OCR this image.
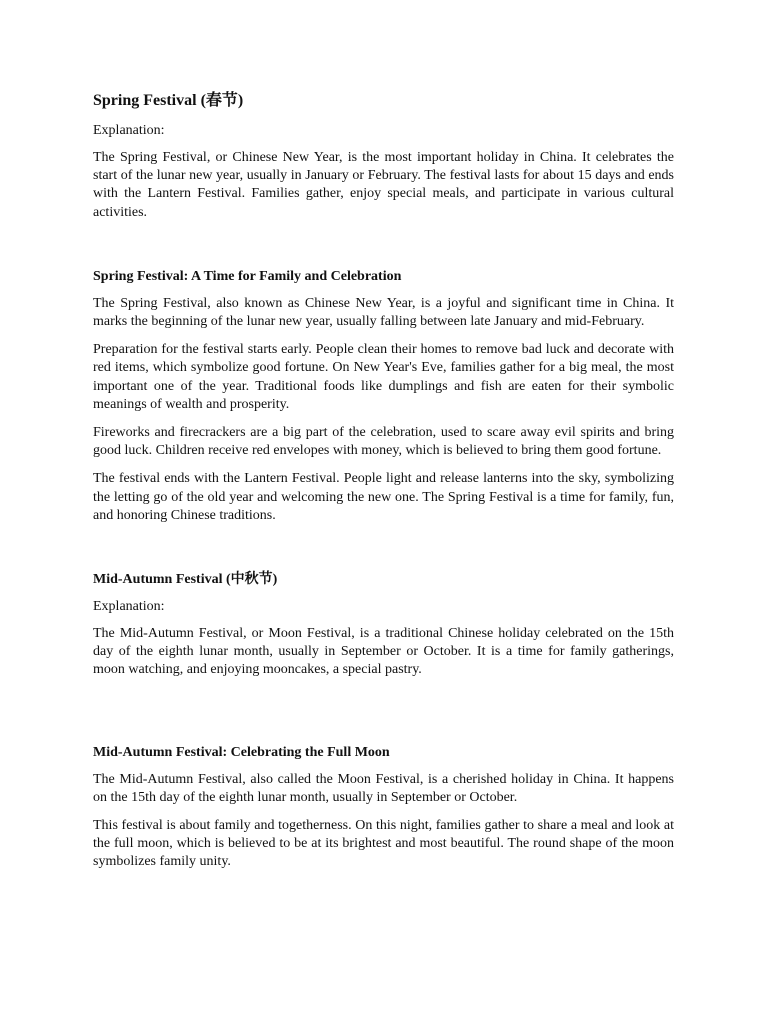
Spring Festival (春节)
Explanation:

The Spring Festival, or Chinese New Year, is the most important holiday in China. It celebrates the start of the lunar new year, usually in January or February. The festival lasts for about 15 days and ends with the Lantern Festival. Families gather, enjoy special meals, and participate in various cultural activities.

Spring Festival: A Time for Family and Celebration

The Spring Festival, also known as Chinese New Year, is a joyful and significant time in China. It marks the beginning of the lunar new year, usually falling between late January and mid-February.

Preparation for the festival starts early. People clean their homes to remove bad luck and decorate with red items, which symbolize good fortune. On New Year's Eve, families gather for a big meal, the most important one of the year. Traditional foods like dumplings and fish are eaten for their symbolic meanings of wealth and prosperity.

Fireworks and firecrackers are a big part of the celebration, used to scare away evil spirits and bring good luck. Children receive red envelopes with money, which is believed to bring them good fortune.

The festival ends with the Lantern Festival. People light and release lanterns into the sky, symbolizing the letting go of the old year and welcoming the new one. The Spring Festival is a time for family, fun, and honoring Chinese traditions.

Mid-Autumn Festival (中秋节)
Explanation:

The Mid-Autumn Festival, or Moon Festival, is a traditional Chinese holiday celebrated on the 15th day of the eighth lunar month, usually in September or October. It is a time for family gatherings, moon watching, and enjoying mooncakes, a special pastry.

Mid-Autumn Festival: Celebrating the Full Moon

The Mid-Autumn Festival, also called the Moon Festival, is a cherished holiday in China. It happens on the 15th day of the eighth lunar month, usually in September or October.

This festival is about family and togetherness. On this night, families gather to share a meal and look at the full moon, which is believed to be at its brightest and most beautiful. The round shape of the moon symbolizes family unity.
